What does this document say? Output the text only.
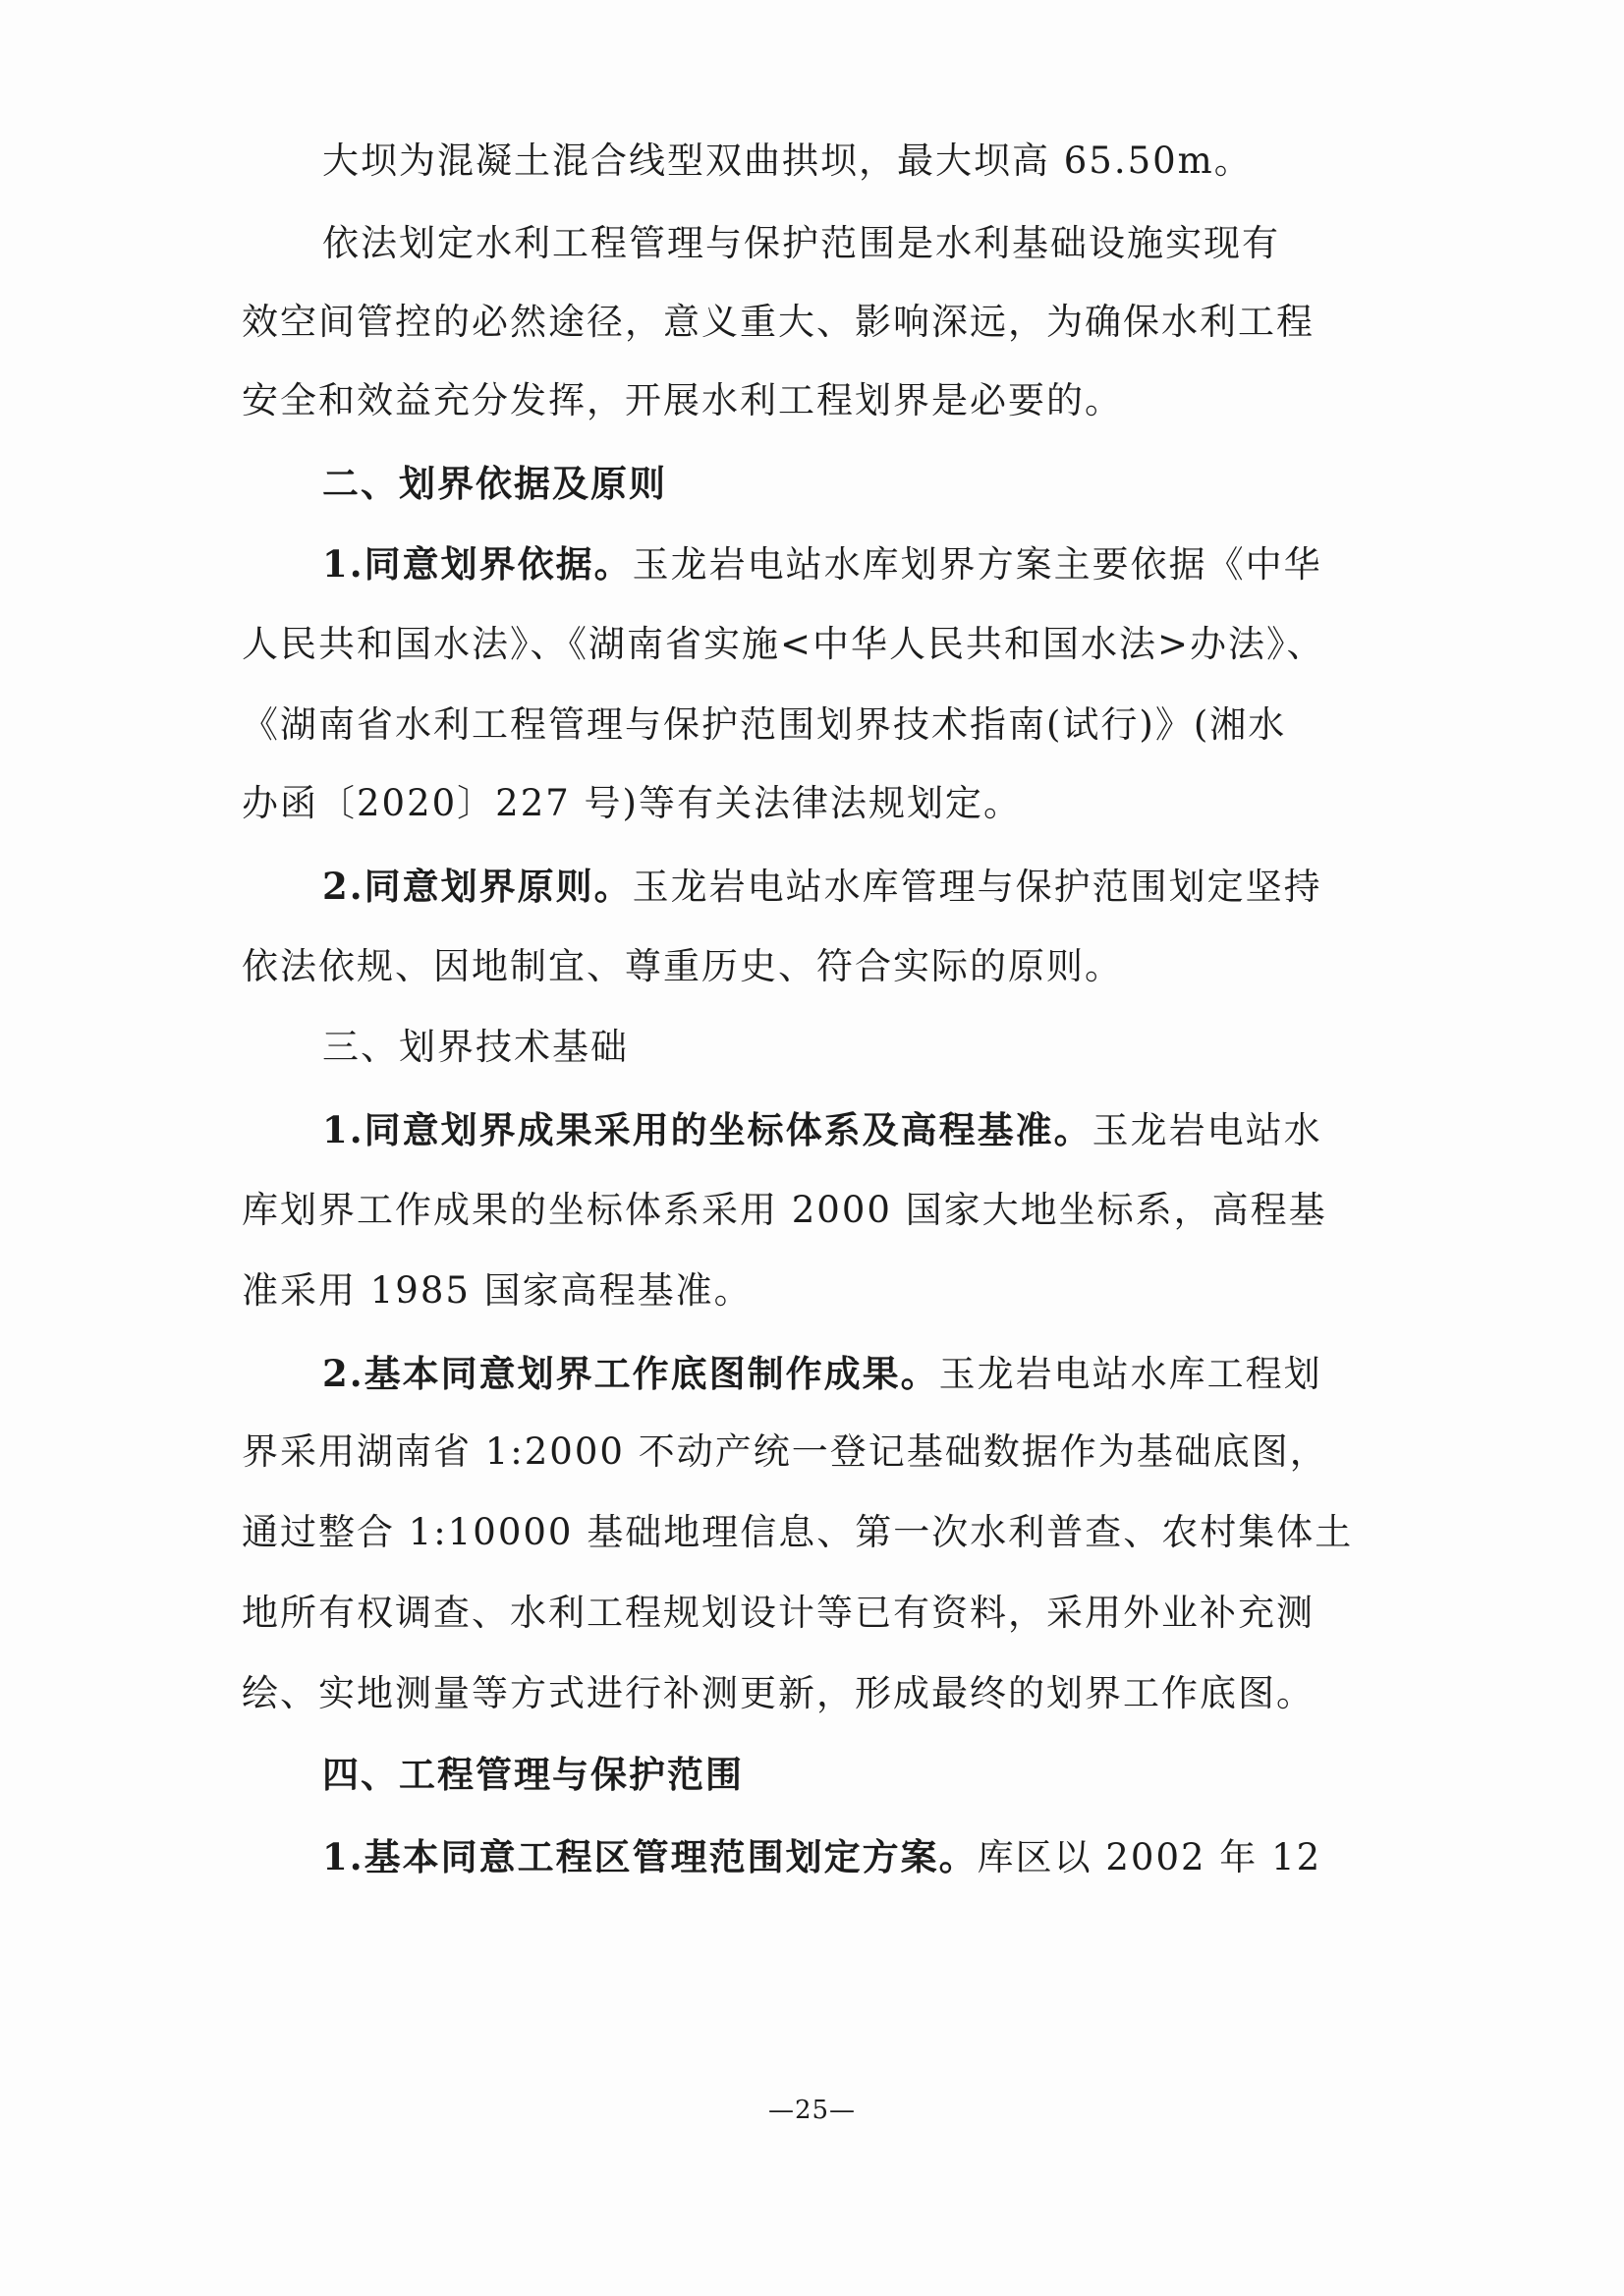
大坝为混凝土混合线型双曲拱坝，最大坝高 65.50m。
依法划定水利工程管理与保护范围是水利基础设施实现有
效空间管控的必然途径，意义重大、影响深远，为确保水利工程
安全和效益充分发挥，开展水利工程划界是必要的。
二、划界依据及原则
1.同意划界依据。玉龙岩电站水库划界方案主要依据《中华
人民共和国水法》、《湖南省实施<中华人民共和国水法>办法》、
《湖南省水利工程管理与保护范围划界技术指南(试行)》(湘水
办函〔2020〕227 号)等有关法律法规划定。
2.同意划界原则。玉龙岩电站水库管理与保护范围划定坚持
依法依规、因地制宜、尊重历史、符合实际的原则。
三、划界技术基础
1.同意划界成果采用的坐标体系及高程基准。玉龙岩电站水
库划界工作成果的坐标体系采用 2000 国家大地坐标系，高程基
准采用 1985 国家高程基准。
2.基本同意划界工作底图制作成果。玉龙岩电站水库工程划
界采用湖南省 1:2000 不动产统一登记基础数据作为基础底图，
通过整合 1:10000 基础地理信息、第一次水利普查、农村集体土
地所有权调查、水利工程规划设计等已有资料，采用外业补充测
绘、实地测量等方式进行补测更新，形成最终的划界工作底图。
四、工程管理与保护范围
1.基本同意工程区管理范围划定方案。库区以 2002 年 12
—25—
